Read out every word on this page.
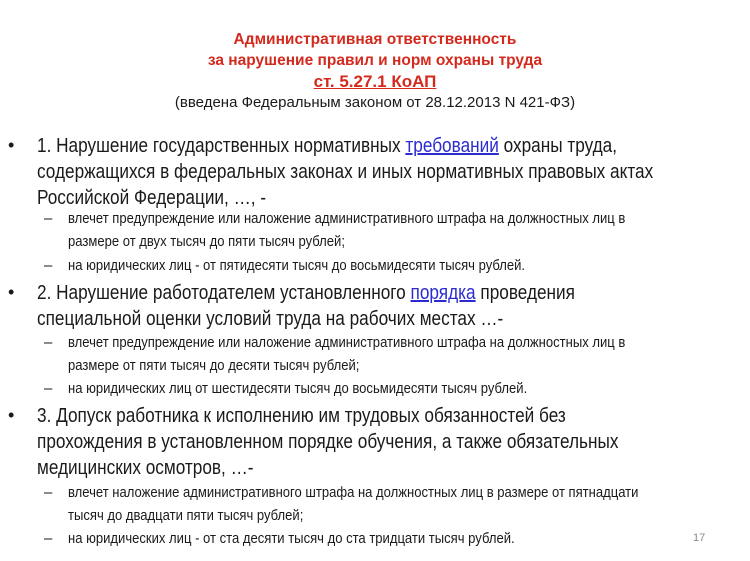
Административная ответственность
за нарушение правил и норм охраны труда
ст. 5.27.1 КоАП
(введена Федеральным законом от 28.12.2013 N 421-ФЗ)
• 1. Нарушение государственных нормативных требований охраны труда,
содержащихся в федеральных законах и иных нормативных правовых актах
Российской Федерации, …, -
– влечет предупреждение или наложение административного штрафа на должностных лиц в
размере от двух тысяч до пяти тысяч рублей;
– на юридических лиц - от пятидесяти тысяч до восьмидесяти тысяч рублей.
• 2. Нарушение работодателем установленного порядка проведения
специальной оценки условий труда на рабочих местах …-
– влечет предупреждение или наложение административного штрафа на должностных лиц в
размере от пяти тысяч до десяти тысяч рублей;
– на юридических лиц от шестидесяти тысяч до восьмидесяти тысяч рублей.
• 3. Допуск работника к исполнению им трудовых обязанностей без
прохождения в установленном порядке обучения, а также обязательных
медицинских осмотров, …-
– влечет наложение административного штрафа на должностных лиц в размере от пятнадцати
тысяч до двадцати пяти тысяч рублей;
– на юридических лиц - от ста десяти тысяч до ста тридцати тысяч рублей.	17
